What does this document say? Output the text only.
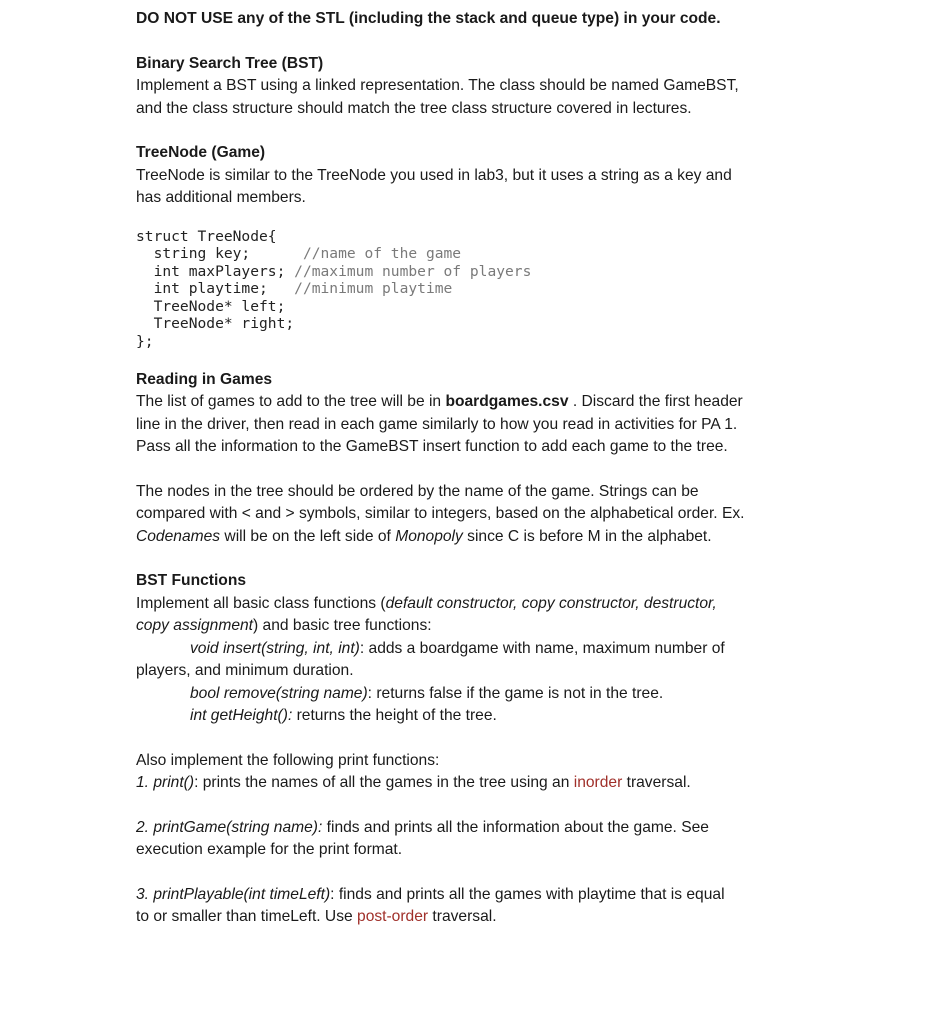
DO NOT USE any of the STL (including the stack and queue type) in your code.
Binary Search Tree (BST)
Implement a BST using a linked representation. The class should be named GameBST,
and the class structure should match the tree class structure covered in lectures.
TreeNode (Game)
TreeNode is similar to the TreeNode you used in lab3, but it uses a string as a key and
has additional members.
struct TreeNode{
string key;      //name of the game
int maxPlayers; //maximum number of players
int playtime;   //minimum playtime
TreeNode* left;
TreeNode* right;
};
Reading in Games
The list of games to add to the tree will be in boardgames.csv . Discard the first header
line in the driver, then read in each game similarly to how you read in activities for PA 1.
Pass all the information to the GameBST insert function to add each game to the tree.
The nodes in the tree should be ordered by the name of the game. Strings can be
compared with < and > symbols, similar to integers, based on the alphabetical order. Ex.
Codenames will be on the left side of Monopoly since C is before M in the alphabet.
BST Functions
Implement all basic class functions (default constructor, copy constructor, destructor,
copy assignment) and basic tree functions:
void insert(string, int, int): adds a boardgame with name, maximum number of
players, and minimum duration.
bool remove(string name): returns false if the game is not in the tree.
int getHeight(): returns the height of the tree.
Also implement the following print functions:
1. print(): prints the names of all the games in the tree using an inorder traversal.
2. printGame(string name): finds and prints all the information about the game. See
execution example for the print format.
3. printPlayable(int timeLeft): finds and prints all the games with playtime that is equal
to or smaller than timeLeft. Use post-order traversal.
